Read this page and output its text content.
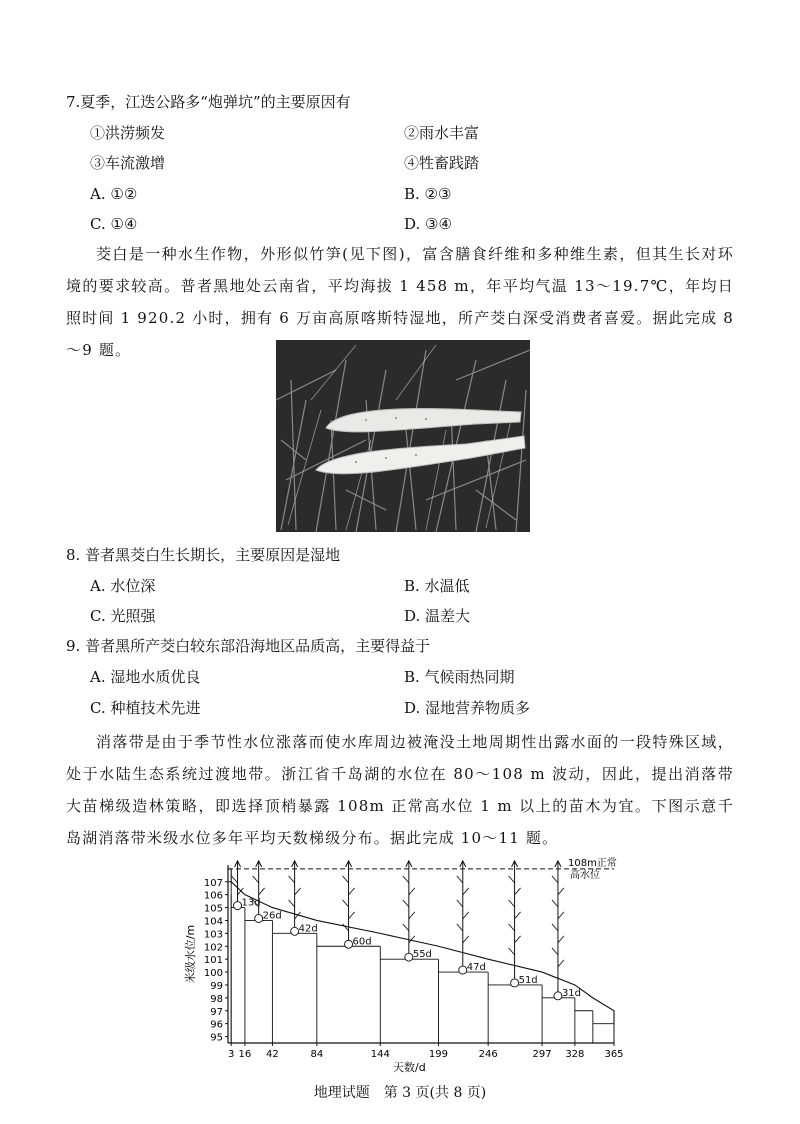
7.夏季，江迭公路多“炮弹坑”的主要原因有
①洪涝频发	②雨水丰富
③车流激增	④牲畜践踏
A. ①②	B. ②③
C. ①④	D. ③④
茭白是一种水生作物，外形似竹笋(见下图)，富含膳食纤维和多种维生素，但其生长对环境的要求较高。普者黑地处云南省，平均海拔 1 458 m，年平均气温 13～19.7℃，年均日照时间 1 920.2 小时，拥有 6 万亩高原喀斯特湿地，所产茭白深受消费者喜爱。据此完成 8～9 题。
8. 普者黑茭白生长期长，主要原因是湿地
A. 水位深	B. 水温低
C. 光照强	D. 温差大
9. 普者黑所产茭白较东部沿海地区品质高，主要得益于
A. 湿地水质优良	B. 气候雨热同期
C. 种植技术先进	D. 湿地营养物质多
消落带是由于季节性水位涨落而使水库周边被淹没土地周期性出露水面的一段特殊区域，处于水陆生态系统过渡地带。浙江省千岛湖的水位在 80～108 m 波动，因此，提出消落带大苗梯级造林策略，即选择顶梢暴露 108m 正常高水位 1 m 以上的苗木为宜。下图示意千岛湖消落带米级水位多年平均天数梯级分布。据此完成 10～11 题。
95
96
97
98
99
100
101
102
103
104
105
106
107
3 16 42	84	144	199	246	297 328 365
米级水位/m
天数/d
108m正常
高水位
13d
26d
42d
60d
55d
47d
51d
31d
地理试题　第 3 页(共 8 页)
